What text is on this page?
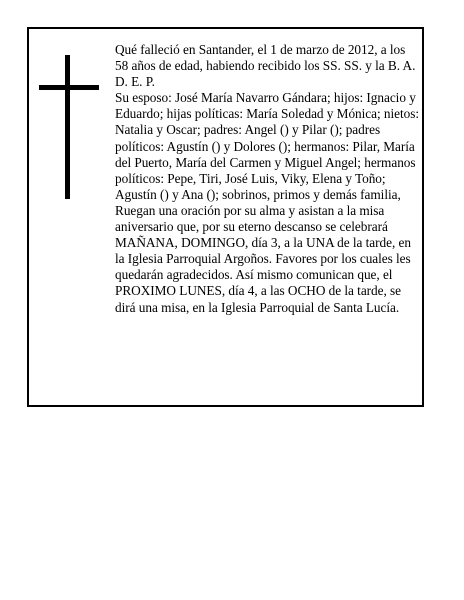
Qué falleció en Santander, el 1 de marzo de 2012, a los 58 años de edad, habiendo recibido los SS. SS. y la B. A.

D. E. P.

Su esposo: José María Navarro Gándara; hijos: Ignacio y Eduardo; hijas políticas: María Soledad y Mónica; nietos: Natalia y Oscar; padres: Angel () y Pilar (); padres políticos: Agustín () y Dolores (); hermanos: Pilar, María del Puerto, María del Carmen y Miguel Angel; hermanos políticos: Pepe, Tiri, José Luis, Viky, Elena y Toño; Agustín () y Ana (); sobrinos, primos y demás familia,

Ruegan una oración por su alma y asistan a la misa aniversario que, por su eterno descanso se celebrará MAÑANA, DOMINGO, día 3, a la UNA de la tarde, en la Iglesia Parroquial Argoños. Favores por los cuales les quedarán agradecidos. Así mismo comunican que, el PROXIMO LUNES, día 4, a las OCHO de la tarde, se dirá una misa, en la Iglesia Parroquial de Santa Lucía.
